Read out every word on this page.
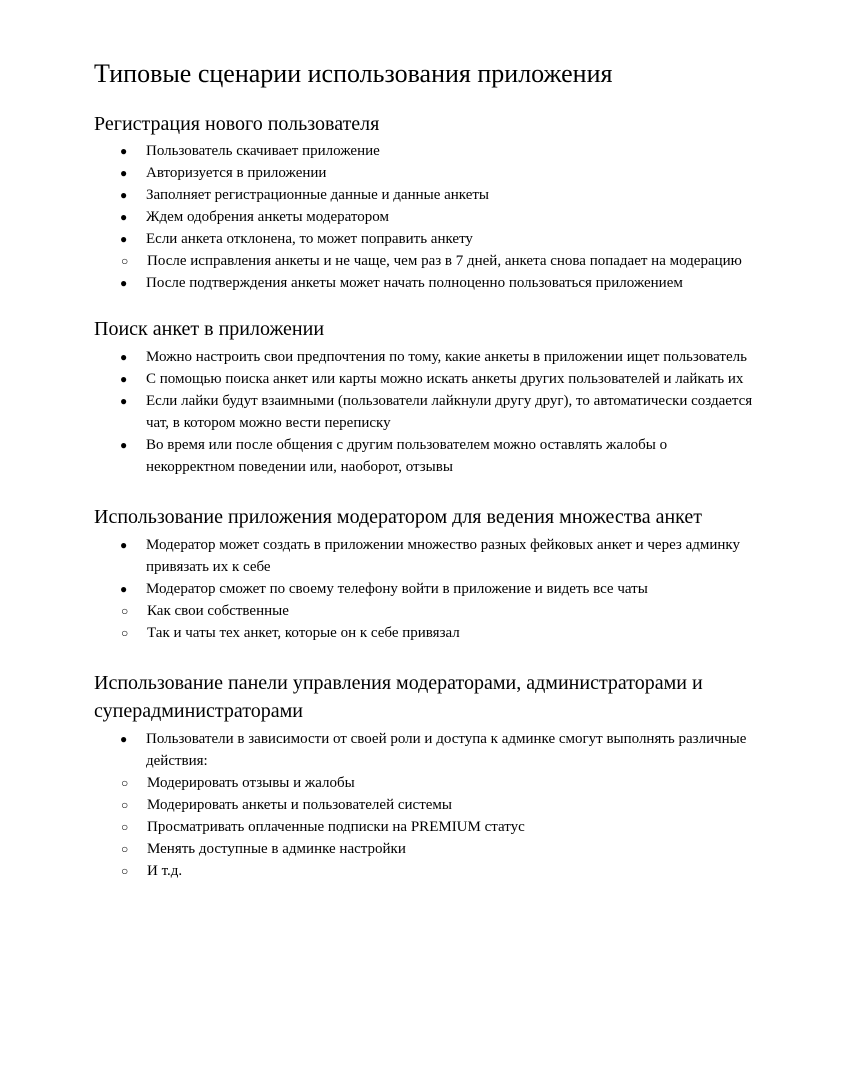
Типовые сценарии использования приложения
Регистрация нового пользователя
● Пользователь скачивает приложение
● Авторизуется в приложении
● Заполняет регистрационные данные и данные анкеты
● Ждем одобрения анкеты модератором
● Если анкета отклонена, то может поправить анкету
○ После исправления анкеты и не чаще, чем раз в 7 дней, анкета снова попадает на модерацию
● После подтверждения анкеты может начать полноценно пользоваться приложением
Поиск анкет в приложении
● Можно настроить свои предпочтения по тому, какие анкеты в приложении ищет пользователь
● С помощью поиска анкет или карты можно искать анкеты других пользователей и лайкать их
● Если лайки будут взаимными (пользователи лайкнули другу друг), то автоматически создается чат, в котором можно вести переписку
● Во время или после общения с другим пользователем можно оставлять жалобы о некорректном поведении или, наоборот, отзывы
Использование приложения модератором для ведения множества анкет
● Модератор может создать в приложении множество разных фейковых анкет и через админку привязать их к себе
● Модератор сможет по своему телефону войти в приложение и видеть все чаты
○ Как свои собственные
○ Так и чаты тех анкет, которые он к себе привязал
Использование панели управления модераторами, администраторами и суперадминистраторами
● Пользователи в зависимости от своей роли и доступа к админке смогут выполнять различные действия:
○ Модерировать отзывы и жалобы
○ Модерировать анкеты и пользователей системы
○ Просматривать оплаченные подписки на PREMIUM статус
○ Менять доступные в админке настройки
○ И т.д.
